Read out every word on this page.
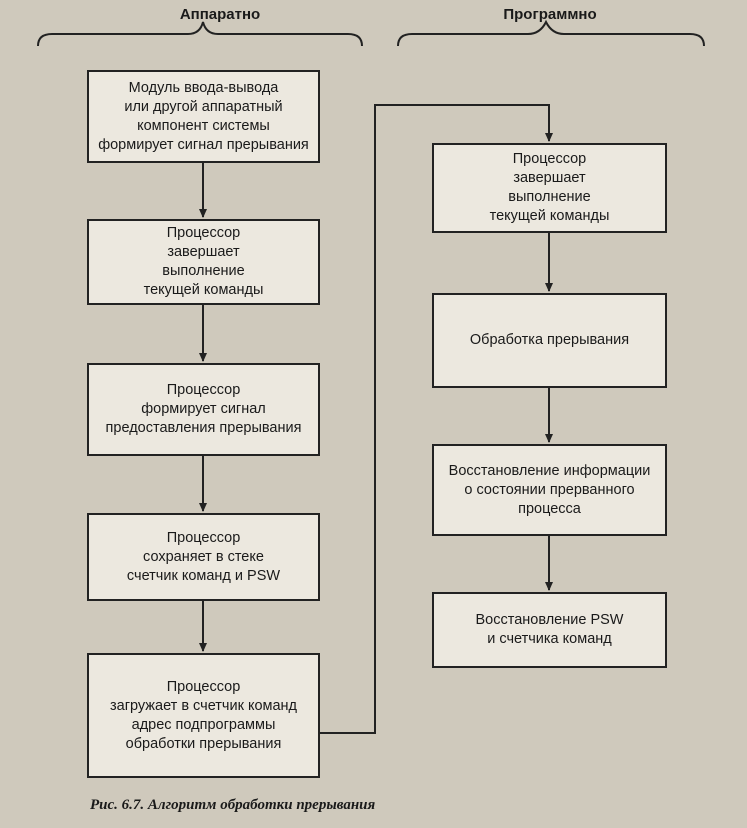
Аппаратно	Программно
Модуль ввода-вывода
или другой аппаратный
компонент системы
формирует сигнал прерывания
Процессор
завершает
выполнение
текущей команды
Процессор
формирует сигнал
предоставления прерывания
Процессор
сохраняет в стеке
счетчик команд и PSW
Процессор
загружает в счетчик команд
адрес подпрограммы
обработки прерывания
Процессор
завершает
выполнение
текущей команды
Обработка прерывания
Восстановление информации
о состоянии прерванного
процесса
Восстановление PSW
и счетчика команд
Рис. 6.7. Алгоритм обработки прерывания
